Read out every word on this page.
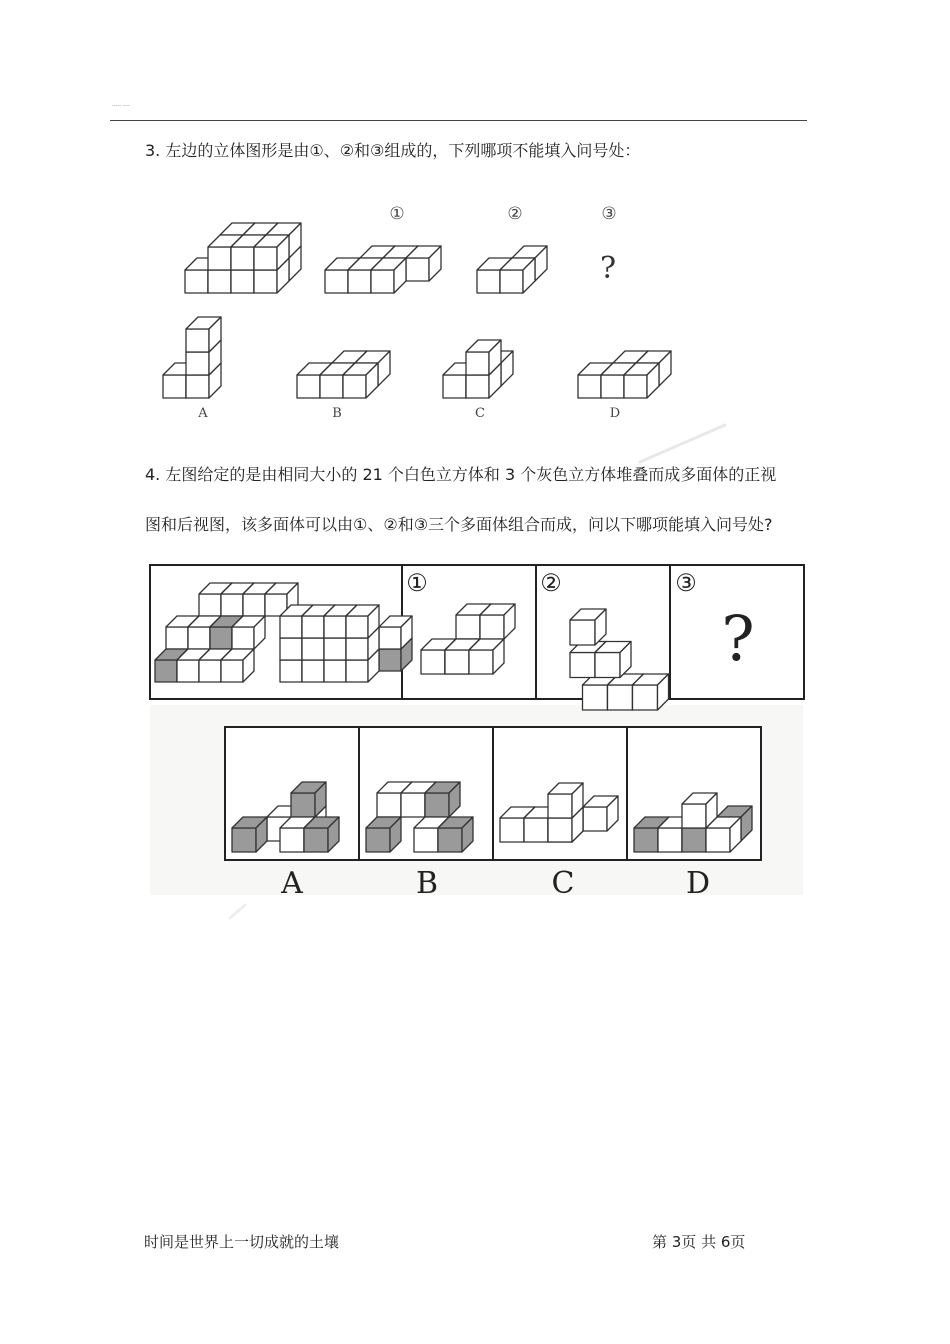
----- ----
3. 左边的立体图形是由①、②和③组成的，下列哪项不能填入问号处：
①	②	③
?
A	B	C	D
4. 左图给定的是由相同大小的 21 个白色立方体和 3 个灰色立方体堆叠而成多面体的正视
图和后视图，该多面体可以由①、②和③三个多面体组合而成，问以下哪项能填入问号处?
①	②	③
?
A	B	C	D
时间是世界上一切成就的土壤	第 3页 共 6页
